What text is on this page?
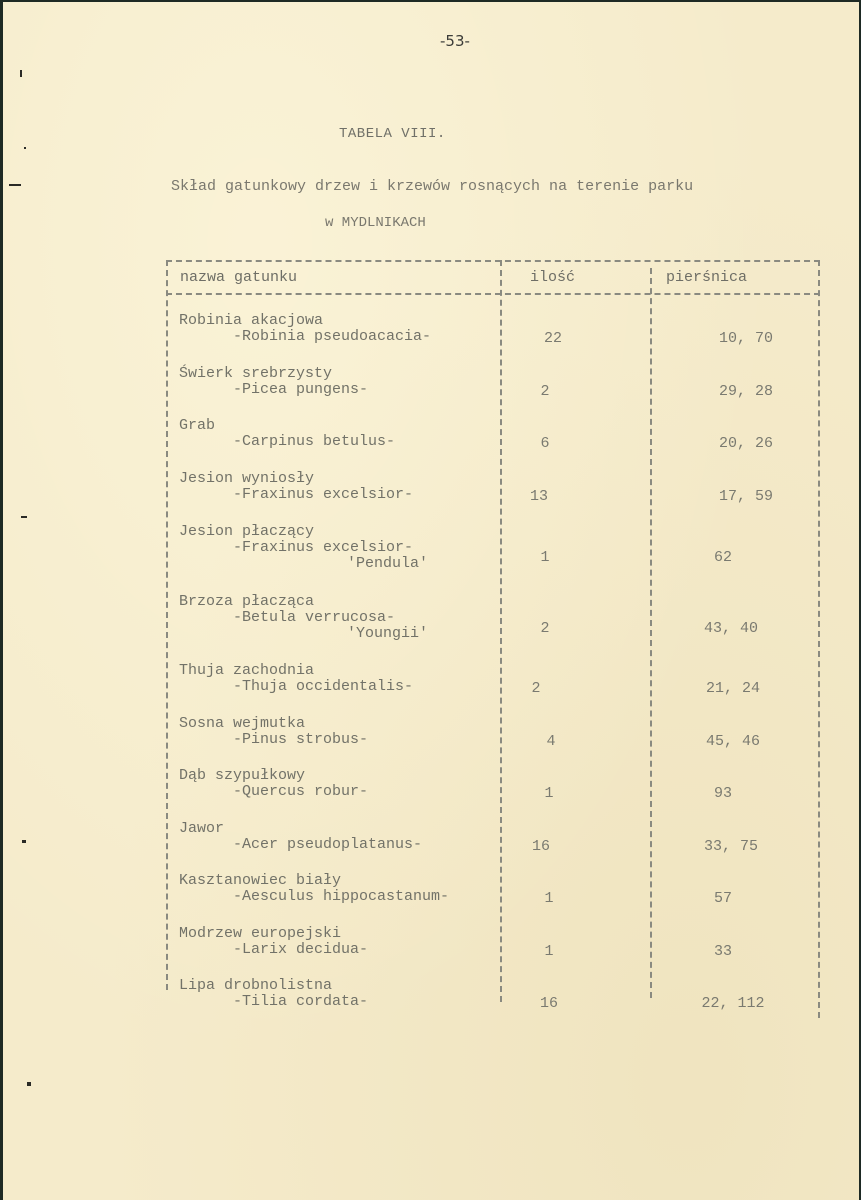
-53-
TABELA VIII.
Skład gatunkowy drzew i krzewów rosnących na terenie parku
w MYDLNIKACH
nazwa gatunku	ilość	pierśnica
Robinia akacjowa
-Robinia pseudoacacia-	22	10, 70
Świerk srebrzysty
-Picea pungens-	2	29, 28
Grab
-Carpinus betulus-	6	20, 26
Jesion wyniosły
-Fraxinus excelsior-	13	17, 59
Jesion płaczący
-Fraxinus excelsior-
'Pendula'	1	62
Brzoza płacząca
-Betula verrucosa-
'Youngii'	2	43, 40
Thuja zachodnia
-Thuja occidentalis-	2	21, 24
Sosna wejmutka
-Pinus strobus-	4	45, 46
Dąb szypułkowy
-Quercus robur-	1	93
Jawor
-Acer pseudoplatanus-	16	33, 75
Kasztanowiec biały
-Aesculus hippocastanum-	1	57
Modrzew europejski
-Larix decidua-	1	33
Lipa drobnolistna
-Tilia cordata-	16	22, 112
